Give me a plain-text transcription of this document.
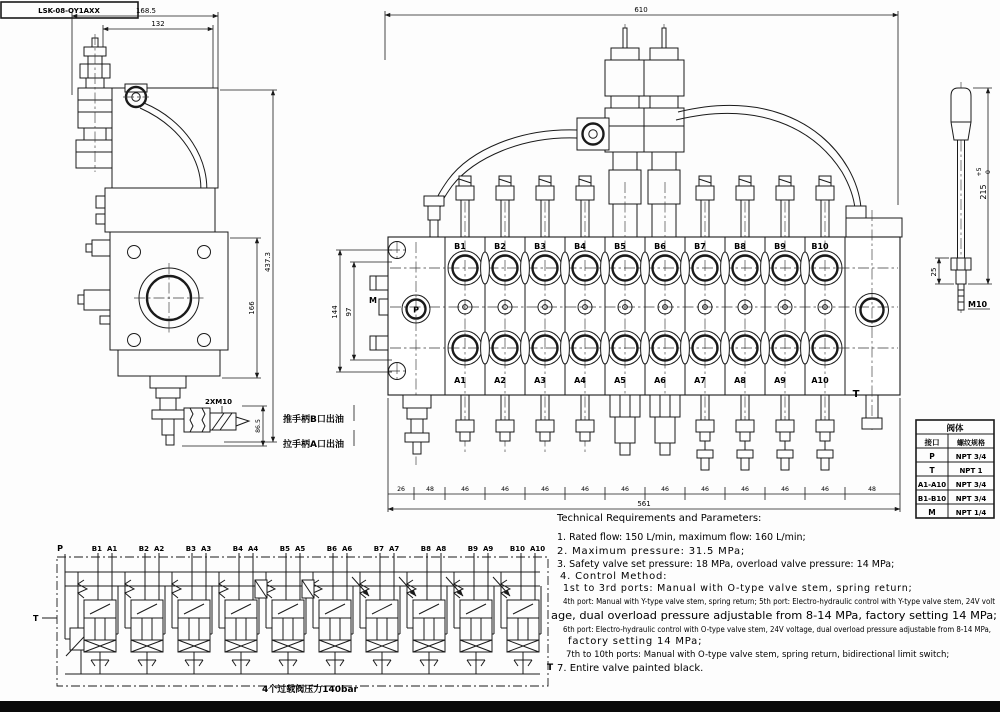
LSK-08-OY1AXX	168.5
132
437.3
166
86.5
2XM10
推手柄B口出油
拉手柄A口出油
610
B1	B2	B3	B4	B5	B6	B7	B8	B9	B10
A1	A2	A3	A4	A5	A6	A7	A8	A9	A10
P
M
144 97
T
26	48	46	46	46	46	46	46	46	46	46	46	48
561
215
+5 0
25
M10
阀体
接口	螺纹规格
P	NPT 3/4
T	NPT 1
A1-A10 NPT 3/4
B1-B10 NPT 3/4
M	NPT 1/4
P
T
B1 A1	B2 A2	B3 A3	B4 A4	B5 A5	B6 A6	B7 A7	B8 A8	B9 A9 B10 A10
4个过载阀压力140bar
Technical Requirements and Parameters:
1. Rated flow: 150 L/min, maximum flow: 160 L/min;
2. Maximum pressure: 31.5 MPa;
3. Safety valve set pressure: 18 MPa, overload valve pressure: 14 MPa;
4. Control Method:
1st to 3rd ports: Manual with O-type valve stem, spring return;
4th port: Manual with Y-type valve stem, spring return; 5th port: Electro-hydraulic control with Y-type valve stem, 24V volt
age, dual overload pressure adjustable from 8-14 MPa, factory setting 14 MPa;
6th port: Electro-hydraulic control with O-type valve stem, 24V voltage, dual overload pressure adjustable from 8-14 MPa,
factory setting 14 MPa;
7th to 10th ports: Manual with O-type valve stem, spring return, bidirectional limit switch;
7. Entire valve painted black.
T
